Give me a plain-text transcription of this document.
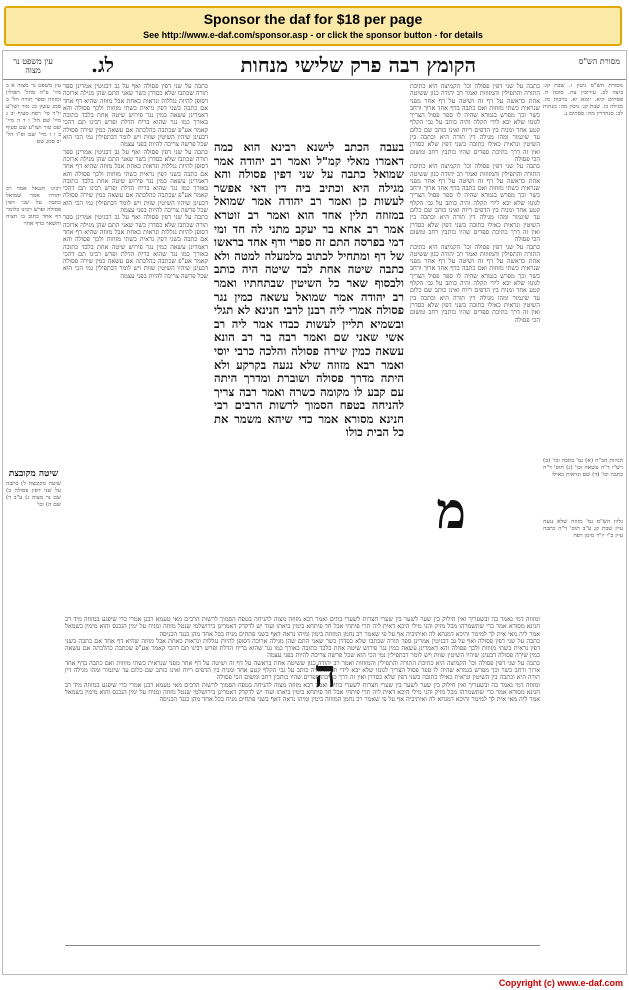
Sponsor the daf for $18 per page
See http://www.e-daf.com/sponsor.asp - or click the sponsor button - for details
מסורת הש"ס
הקומץ רבה פרק שלישי מנחות
לג.
עין משפט נר מצוה
מסורת הש"ס גיטין ו. שבת קג: ביצה לב. עירובין צח. סוכה ח. פסחים קיא. יומא יא. ברכות מז. מגילה כו. שבת קג: גיטין מה: מנחות לב: סנהדרין מח: פסחים נ.
הגהות הב"ח (א) גמ' כתבה וכו' (ב) רש"י ד"ה עשאה וכו' (ג) תוס' ד"ה כתבה וכו' (ד) שם ונראית כאילו
גליון הש"ס גמ' מזוזה שלא נגעה עיין שבת קג ע"ב תוס' ד"ה כתבה עיין ב"י יו"ד סימן רפח
כתבה על שני דפין פסולה וכו' הקמיצה היא כתיבת התורה והתפילין והמזוזות ואמר רב יהודה כגון ששיטה אחת בראשה על דף זה ושיטה על דף אחר מפני שנראית כשתי מזוזות ואם כתבה בדף אחד ארוך ורחב כשר וכך מפרש בגמרא שהיה לו ספר פסול הצריך לגונזו שלא יבא לידי תקלה והיה כותב על גבי הקלף קטע אחד ומניח בין הדפים ריוח ואינו כותב שם כלום עד שיגמור ומהו מגילה דין תורה היא וכתבה בין השיטין ונראית כאילו כתובה בשני דפין שלא כסדרן ואין זה דרך כתיבת ספרים שהיו כותבין רחב ומשום הכי פסולה
כתבה על שני דפין פסולה וכו' הקמיצה היא כתיבת התורה והתפילין והמזוזות ואמר רב יהודה כגון ששיטה אחת בראשה על דף זה ושיטה על דף אחר מפני שנראית כשתי מזוזות ואם כתבה בדף אחד ארוך ורחב כשר וכך מפרש בגמרא שהיה לו ספר פסול הצריך לגונזו שלא יבא לידי תקלה והיה כותב על גבי הקלף קטע אחד ומניח בין הדפים ריוח ואינו כותב שם כלום עד שיגמור ומהו מגילה דין תורה היא וכתבה בין השיטין ונראית כאילו כתובה בשני דפין שלא כסדרן ואין זה דרך כתיבת ספרים שהיו כותבין רחב ומשום הכי פסולה
כתבה על שני דפין פסולה וכו' הקמיצה היא כתיבת התורה והתפילין והמזוזות ואמר רב יהודה כגון ששיטה אחת בראשה על דף זה ושיטה על דף אחר מפני שנראית כשתי מזוזות ואם כתבה בדף אחד ארוך ורחב כשר וכך מפרש בגמרא שהיה לו ספר פסול הצריך לגונזו שלא יבא לידי תקלה והיה כותב על גבי הקלף קטע אחד ומניח בין הדפים ריוח ואינו כותב שם כלום עד שיגמור ומהו מגילה דין תורה היא וכתבה בין השיטין ונראית כאילו כתובה בשני דפין שלא כסדרן ואין זה דרך כתיבת ספרים שהיו כותבין רחב ומשום הכי פסולה
בעבה הכתב לישנא רבינא הוא כמה דאמרו מאלי קמ"ל ואמר רב יהודה אמר שמואל כתבה על שני דפין פסולה והא מגילה היא וכתיב ביה דין דאי אפשר לעשות כן ואמר רב יהודה אמר שמואל במזוזה תלין אחד הוא ואמר רב זוטרא אמר רב אחא בר יעקב מתני לה חד ומי דמי בפרסה התם זה ספרי ודף אחד בראשו של דף ומתחיל לכתוב מלמעלה למטה ולא כתבה שיטה אחת לבד שיטה היה כותב ולבסוף שאר כל השיטין שבתחתיו ואמר רב יהודה אמר שמואל עשאה כמין נגר פסולה אמרי ליה רבנן לרבי חנינא לא תגלי ובשמיא תליין לעשות כבדו אמר ליה רב אשי שאני שם ואמר רבה בר רב הונא עשאה כמין שירה פסולה והלכה כרבי יוסי ואמר רבא מזוזה שלא נגעה בקרקע ולא היתה מדרך פסולה ושוברת ומדרך היתה עם קבע לו מקומה כשרה ואמר רבה צריך להניחה בטפח הסמוך לרשות הרבים רבי חנינא מסורא אמר כדי שיהא משמר את כל הבית כולו
מ
ה
כתבה על שני דפין פסולה ואף על גב דבגיטין אמרינן ספר תורה שכתבו שלא כסדרן כשר שאני התם שהן מגילה ארוכה דסופן להיות נגללות ונראות כאחת אבל מזוזה שהיא דף אחד אם כתבה בשני דפין נראית כשתי מזוזות ולכך פסולה והא דאמרינן עשאה כמין נגר פירוש שיטה אחת בלבד כתובה באורך כמו נגר שהוא בריח הדלת ופרש רבינו תם דהכי קאמר אע"פ שכתבה כהלכתה אם עשאה כמין שירה פסולה דבעינן שיהיו השיטין שוות ויש לומר דבתפילין נמי הכי הוא שכל פרשה צריכה להיות בפני עצמה
כתבה על שני דפין פסולה ואף על גב דבגיטין אמרינן ספר תורה שכתבו שלא כסדרן כשר שאני התם שהן מגילה ארוכה דסופן להיות נגללות ונראות כאחת אבל מזוזה שהיא דף אחד אם כתבה בשני דפין נראית כשתי מזוזות ולכך פסולה והא דאמרינן עשאה כמין נגר פירוש שיטה אחת בלבד כתובה באורך כמו נגר שהוא בריח הדלת ופרש רבינו תם דהכי קאמר אע"פ שכתבה כהלכתה אם עשאה כמין שירה פסולה דבעינן שיהיו השיטין שוות ויש לומר דבתפילין נמי הכי הוא שכל פרשה צריכה להיות בפני עצמה
כתבה על שני דפין פסולה ואף על גב דבגיטין אמרינן ספר תורה שכתבו שלא כסדרן כשר שאני התם שהן מגילה ארוכה דסופן להיות נגללות ונראות כאחת אבל מזוזה שהיא דף אחד אם כתבה בשני דפין נראית כשתי מזוזות ולכך פסולה והא דאמרינן עשאה כמין נגר פירוש שיטה אחת בלבד כתובה באורך כמו נגר שהוא בריח הדלת ופרש רבינו תם דהכי קאמר אע"פ שכתבה כהלכתה אם עשאה כמין שירה פסולה דבעינן שיהיו השיטין שוות ויש לומר דבתפילין נמי הכי הוא שכל פרשה צריכה להיות בפני עצמה
עין משפט נר מצוה א ב מיי' פ"ה מהל' תפילין ומזוזה וספר תורה הל' ב סמג עשין כג טור ושו"ע יו"ד סי' רפח סעיף יב ג מיי' שם הל' ו ד ה מיי' שם טור ושו"ע שם סעיף ב ו ז מיי' שם ופ"ו הל' יב סמג שם
רבינו חננאל אמר רב יהודה אמר שמואל כתבה על שני דפין פסולה ופרש רבינו כלומר דף אחד כתוב בו חציה והשאר בדף אחר
שיטה מקובצת
שיטה מקובצת ל) כתבה על שני דפין פסולה ב) שם נר מצוה ג) ע"ב ד) שם ה) וכו'
ומזוזה דמי נאמר בה ובשעריך ואין חילוק בין שער לשער בין שערי חצרות לשערי בתים ואמר רבא מזוזה מצוה להניחה בטפח הסמוך לרשות הרבים מאי טעמא רבנן אמרי כדי שיפגע במזוזה מיד רב חנינא מסורא אמר כדי שתשמרהו מכל מזיק והני מילי היכא דאית ליה תרי פיתחי אבל חד פיתחא בימין ביאתו ועוד יש לדקדק דאמרינן בירושלמי שנטל מזוזה ומניח על ימין הנכנס והוא מימין בשמאל אמר ליה מאי אית לך למימר והיכא דמנחא לה ואיתיביה אף על פי שאמר רב נחמן המזוזה בימין ומיהו נראה דאף בשני פתחים מניח בכל אחד מהן כנגד הכניסה
כתבה על שני דפין פסולה ואף על גב דבגיטין אמרינן ספר תורה שכתבו שלא כסדרן כשר שאני התם שהן מגילה ארוכה דסופן להיות נגללות ונראות כאחת אבל מזוזה שהיא דף אחד אם כתבה בשני דפין נראית כשתי מזוזות ולכך פסולה והא דאמרינן עשאה כמין נגר פירוש שיטה אחת בלבד כתובה באורך כמו נגר שהוא בריח הדלת ופרש רבינו תם דהכי קאמר אע"פ שכתבה כהלכתה אם עשאה כמין שירה פסולה דבעינן שיהיו השיטין שוות ויש לומר דבתפילין נמי הכי הוא שכל פרשה צריכה להיות בפני עצמה
כתבה על שני דפין פסולה וכו' הקמיצה היא כתיבת התורה והתפילין והמזוזות ואמר רב יהודה כגון ששיטה אחת בראשה על דף זה ושיטה על דף אחר מפני שנראית כשתי מזוזות ואם כתבה בדף אחד ארוך ורחב כשר וכך מפרש בגמרא שהיה לו ספר פסול הצריך לגונזו שלא יבא לידי תקלה והיה כותב על גבי הקלף קטע אחד ומניח בין הדפים ריוח ואינו כותב שם כלום עד שיגמור ומהו מגילה דין תורה היא וכתבה בין השיטין ונראית כאילו כתובה בשני דפין שלא כסדרן ואין זה דרך כתיבת ספרים שהיו כותבין רחב ומשום הכי פסולה
ומזוזה דמי נאמר בה ובשעריך ואין חילוק בין שער לשער בין שערי חצרות לשערי בתים ואמר רבא מזוזה מצוה להניחה בטפח הסמוך לרשות הרבים מאי טעמא רבנן אמרי כדי שיפגע במזוזה מיד רב חנינא מסורא אמר כדי שתשמרהו מכל מזיק והני מילי היכא דאית ליה תרי פיתחי אבל חד פיתחא בימין ביאתו ועוד יש לדקדק דאמרינן בירושלמי שנטל מזוזה ומניח על ימין הנכנס והוא מימין בשמאל אמר ליה מאי אית לך למימר והיכא דמנחא לה ואיתיביה אף על פי שאמר רב נחמן המזוזה בימין ומיהו נראה דאף בשני פתחים מניח בכל אחד מהן כנגד הכניסה
Copyright (c) www.e-daf.com
